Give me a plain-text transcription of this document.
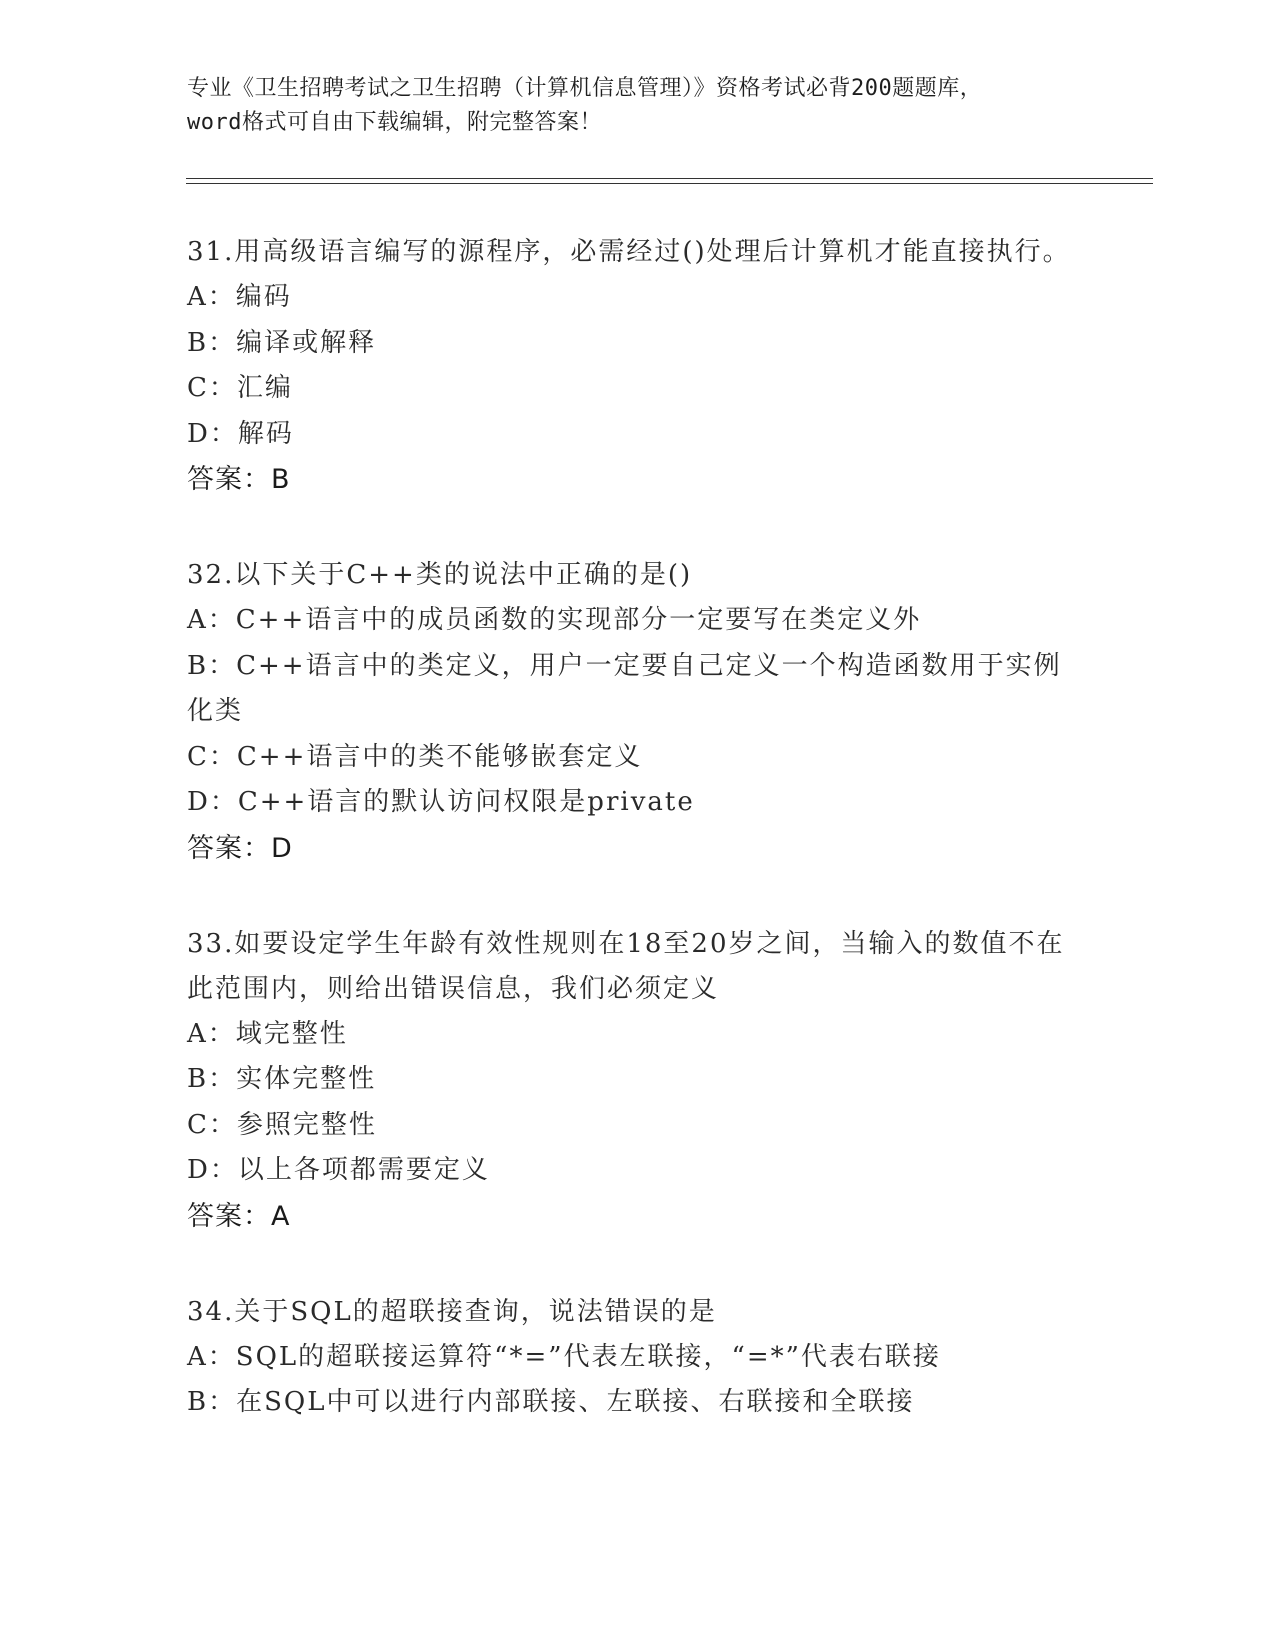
专业《卫生招聘考试之卫生招聘（计算机信息管理）》资格考试必背200题题库，
word格式可自由下载编辑，附完整答案！

31.用高级语言编写的源程序，必需经过()处理后计算机才能直接执行。

A：编码

B：编译或解释

C：汇编

D：解码

答案：B

32.以下关于C++类的说法中正确的是()

A：C++语言中的成员函数的实现部分一定要写在类定义外

B：C++语言中的类定义，用户一定要自己定义一个构造函数用于实例化类

C：C++语言中的类不能够嵌套定义

D：C++语言的默认访问权限是private

答案：D

33.如要设定学生年龄有效性规则在18至20岁之间，当输入的数值不在此范围内，则给出错误信息，我们必须定义

A：域完整性

B：实体完整性

C：参照完整性

D：以上各项都需要定义

答案：A

34.关于SQL的超联接查询，说法错误的是

A：SQL的超联接运算符“*=”代表左联接，“=*”代表右联接

B：在SQL中可以进行内部联接、左联接、右联接和全联接
